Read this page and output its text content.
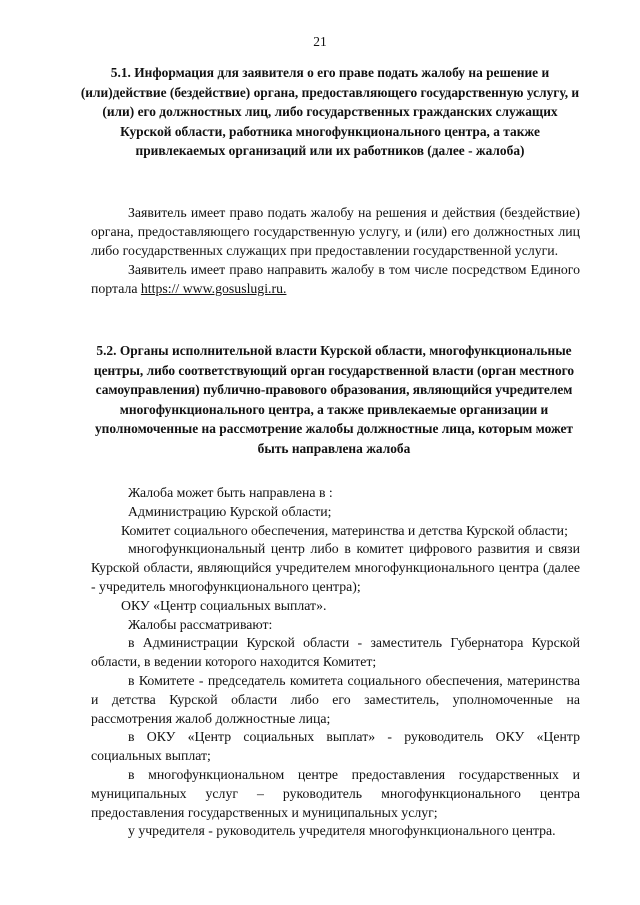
21
5.1. Информация для заявителя о его праве подать жалобу на решение и (или)действие (бездействие) органа, предоставляющего государственную услугу, и (или) его должностных лиц, либо государственных гражданских служащих Курской области, работника многофункционального центра, а также привлекаемых организаций или их работников (далее - жалоба)

Заявитель имеет право подать жалобу на решения и действия (бездействие) органа, предоставляющего государственную услугу, и (или) его должностных лиц либо государственных служащих при предоставлении государственной услуги.

Заявитель имеет право направить жалобу в том числе посредством Единого портала https:// www.gosuslugi.ru.

5.2. Органы исполнительной власти Курской области, многофункциональные центры, либо соответствующий орган государственной власти (орган местного самоуправления) публично-правового образования, являющийся учредителем многофункционального центра, а также привлекаемые организации и уполномоченные на рассмотрение жалобы должностные лица, которым может быть направлена жалоба

Жалоба может быть направлена в :

Администрацию Курской области;

Комитет социального обеспечения, материнства и детства Курской области;

многофункциональный центр либо в комитет цифрового развития и связи Курской области, являющийся учредителем многофункционального центра (далее - учредитель многофункционального центра);

ОКУ «Центр социальных выплат».

Жалобы рассматривают:

в Администрации Курской области - заместитель Губернатора Курской области, в ведении которого находится Комитет;

в Комитете - председатель комитета социального обеспечения, материнства и детства Курской области либо его заместитель, уполномоченные на рассмотрения жалоб должностные лица;

в ОКУ «Центр социальных выплат» - руководитель ОКУ «Центр социальных выплат;

в многофункциональном центре предоставления государственных и муниципальных услуг – руководитель многофункционального центра предоставления государственных и муниципальных услуг;

у учредителя - руководитель учредителя многофункционального центра.
